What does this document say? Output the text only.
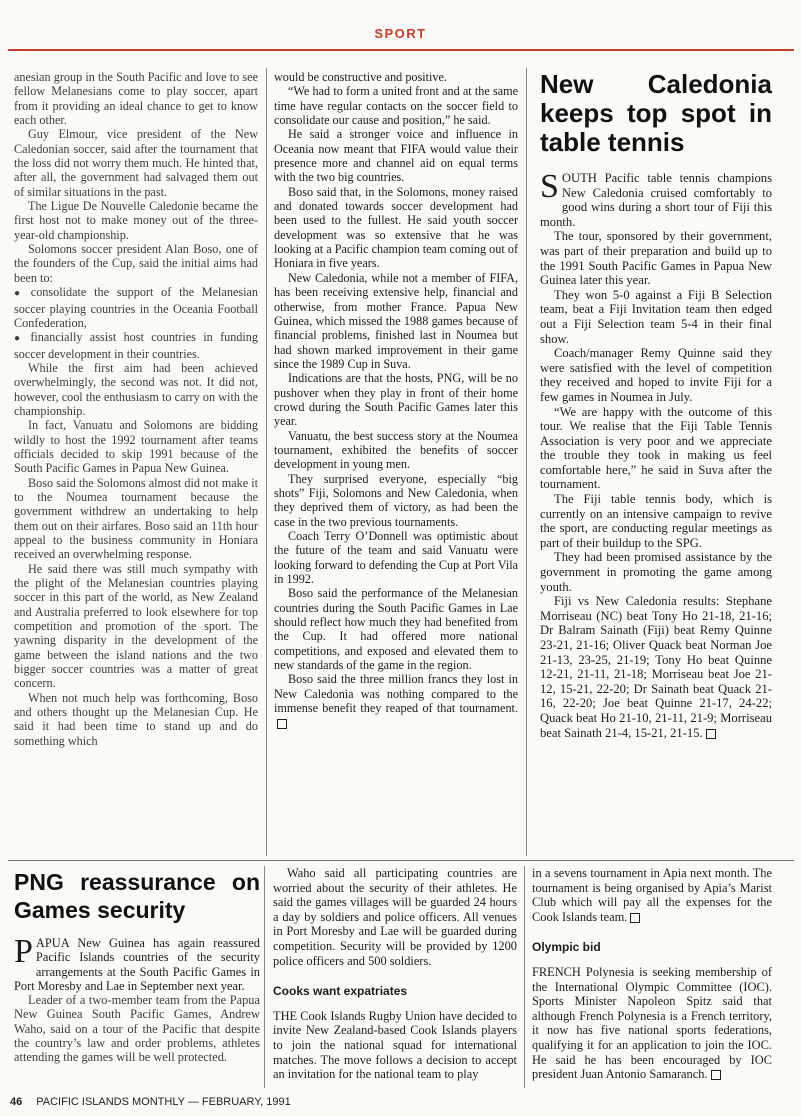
SPORT

anesian group in the South Pacific and love to see fellow Melanesians come to play soccer, apart from it providing an ideal chance to get to know each other.

Guy Elmour, vice president of the New Caledonian soccer, said after the tournament that the loss did not worry them much. He hinted that, after all, the government had salvaged them out of similar situations in the past.

The Ligue De Nouvelle Caledonie became the first host not to make money out of the three-year-old championship.

Solomons soccer president Alan Boso, one of the founders of the Cup, said the initial aims had been to:

● consolidate the support of the Melanesian soccer playing countries in the Oceania Football Confederation,

● financially assist host countries in funding soccer development in their countries.

While the first aim had been achieved overwhelmingly, the second was not. It did not, however, cool the enthusiasm to carry on with the championship.

In fact, Vanuatu and Solomons are bidding wildly to host the 1992 tournament after teams officials decided to skip 1991 because of the South Pacific Games in Papua New Guinea.

Boso said the Solomons almost did not make it to the Noumea tournament because the government withdrew an undertaking to help them out on their airfares. Boso said an 11th hour appeal to the business community in Honiara received an overwhelming response.

He said there was still much sympathy with the plight of the Melanesian countries playing soccer in this part of the world, as New Zealand and Australia preferred to look elsewhere for top competition and promotion of the sport. The yawning disparity in the development of the game between the island nations and the two bigger soccer countries was a matter of great concern.

When not much help was forthcoming, Boso and others thought up the Melanesian Cup. He said it had been time to stand up and do something which

would be constructive and positive.

“We had to form a united front and at the same time have regular contacts on the soccer field to consolidate our cause and position,” he said.

He said a stronger voice and influence in Oceania now meant that FIFA would value their presence more and channel aid on equal terms with the two big countries.

Boso said that, in the Solomons, money raised and donated towards soccer development had been used to the fullest. He said youth soccer development was so extensive that he was looking at a Pacific champion team coming out of Honiara in five years.

New Caledonia, while not a member of FIFA, has been receiving extensive help, financial and otherwise, from mother France. Papua New Guinea, which missed the 1988 games because of financial problems, finished last in Noumea but had shown marked improvement in their game since the 1989 Cup in Suva.

Indications are that the hosts, PNG, will be no pushover when they play in front of their home crowd during the South Pacific Games later this year.

Vanuatu, the best success story at the Noumea tournament, exhibited the benefits of soccer development in young men.

They surprised everyone, especially “big shots” Fiji, Solomons and New Caledonia, when they deprived them of victory, as had been the case in the two previous tournaments.

Coach Terry O’Donnell was optimistic about the future of the team and said Vanuatu were looking forward to defending the Cup at Port Vila in 1992.

Boso said the performance of the Melanesian countries during the South Pacific Games in Lae should reflect how much they had benefited from the Cup. It had offered more national competitions, and exposed and elevated them to new standards of the game in the region.

Boso said the three million francs they lost in New Caledonia was nothing compared to the immense benefit they reaped of that tournament.

New Caledonia keeps top spot in table tennis

SOUTH Pacific table tennis champions New Caledonia cruised comfortably to good wins during a short tour of Fiji this month.

The tour, sponsored by their government, was part of their preparation and build up to the 1991 South Pacific Games in Papua New Guinea later this year.

They won 5-0 against a Fiji B Selection team, beat a Fiji Invitation team then edged out a Fiji Selection team 5-4 in their final show.

Coach/manager Remy Quinne said they were satisfied with the level of competition they received and hoped to invite Fiji for a few games in Noumea in July.

“We are happy with the outcome of this tour. We realise that the Fiji Table Tennis Association is very poor and we appreciate the trouble they took in making us feel comfortable here,” he said in Suva after the tournament.

The Fiji table tennis body, which is currently on an intensive campaign to revive the sport, are conducting regular meetings as part of their buildup to the SPG.

They had been promised assistance by the government in promoting the game among youth.

Fiji vs New Caledonia results: Stephane Morriseau (NC) beat Tony Ho 21-18, 21-16; Dr Balram Sainath (Fiji) beat Remy Quinne 23-21, 21-16; Oliver Quack beat Norman Joe 21-13, 23-25, 21-19; Tony Ho beat Quinne 12-21, 21-11, 21-18; Morriseau beat Joe 21-12, 15-21, 22-20; Dr Sainath beat Quack 21-16, 22-20; Joe beat Quinne 21-17, 24-22; Quack beat Ho 21-10, 21-11, 21-9; Morriseau beat Sainath 21-4, 15-21, 21-15.

PNG reassurance on Games security

PAPUA New Guinea has again reassured Pacific Islands countries of the security arrangements at the South Pacific Games in Port Moresby and Lae in September next year.

Leader of a two-member team from the Papua New Guinea South Pacific Games, Andrew Waho, said on a tour of the Pacific that despite the country’s law and order problems, athletes attending the games will be well protected.

Waho said all participating countries are worried about the security of their athletes. He said the games villages will be guarded 24 hours a day by soldiers and police officers. All venues in Port Moresby and Lae will be guarded during competition. Security will be provided by 1200 police officers and 500 soldiers.

Cooks want expatriates

THE Cook Islands Rugby Union have decided to invite New Zealand-based Cook Islands players to join the national squad for international matches. The move follows a decision to accept an invitation for the national team to play

in a sevens tournament in Apia next month. The tournament is being organised by Apia’s Marist Club which will pay all the expenses for the Cook Islands team.

Olympic bid

FRENCH Polynesia is seeking membership of the International Olympic Committee (IOC). Sports Minister Napoleon Spitz said that although French Polynesia is a French territory, it now has five national sports federations, qualifying it for an application to join the IOC. He said he has been encouraged by IOC president Juan Antonio Samaranch.

46 PACIFIC ISLANDS MONTHLY — FEBRUARY, 1991
